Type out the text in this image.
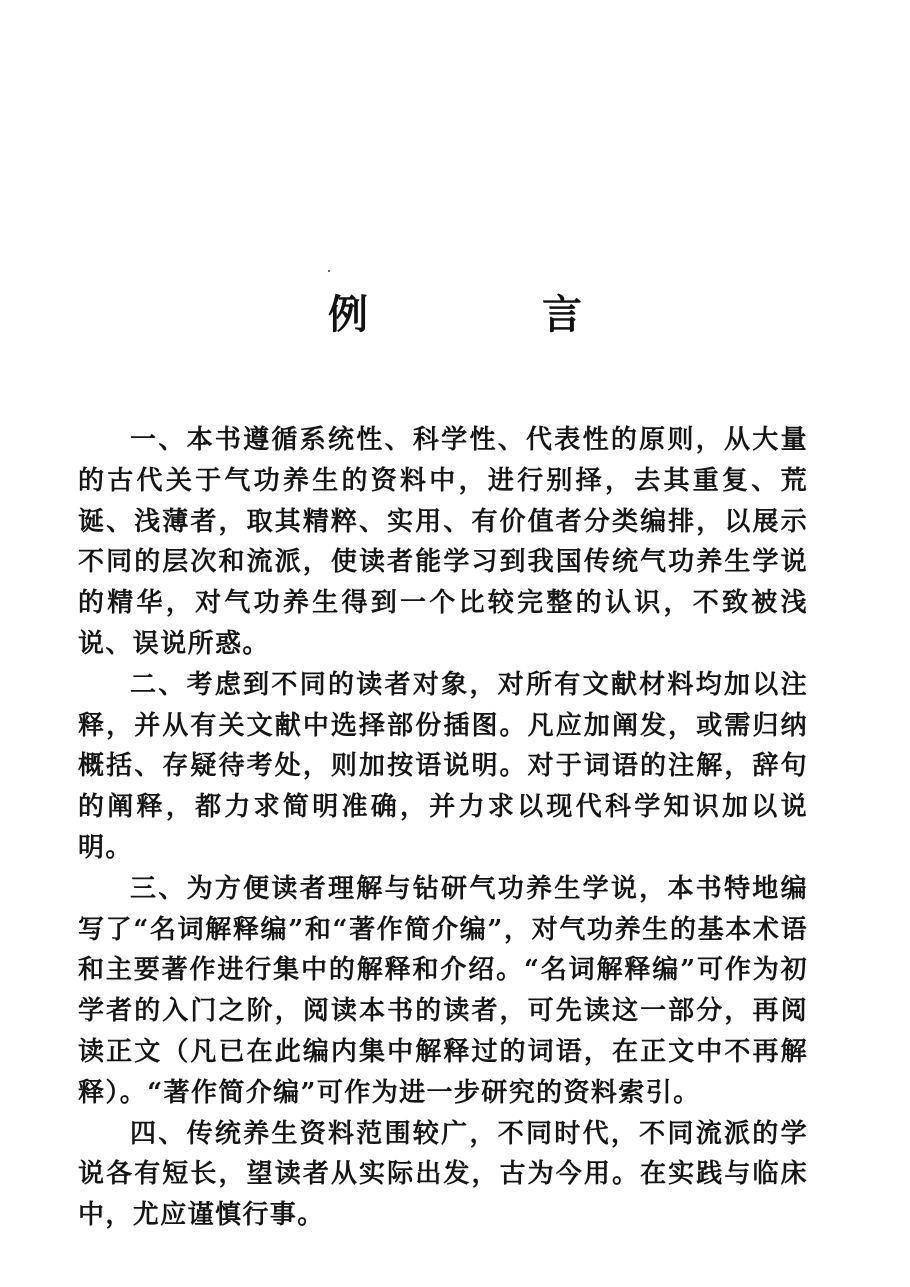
例 言

一、本书遵循系统性、科学性、代表性的原则，从大量的古代关于气功养生的资料中，进行别择，去其重复、荒诞、浅薄者，取其精粹、实用、有价值者分类编排，以展示不同的层次和流派，使读者能学习到我国传统气功养生学说的精华，对气功养生得到一个比较完整的认识，不致被浅说、误说所惑。

二、考虑到不同的读者对象，对所有文献材料均加以注释，并从有关文献中选择部份插图。凡应加阐发，或需归纳概括、存疑待考处，则加按语说明。对于词语的注解，辞句的阐释，都力求简明准确，并力求以现代科学知识加以说明。

三、为方便读者理解与钻研气功养生学说，本书特地编写了“名词解释编”和“著作简介编”，对气功养生的基本术语和主要著作进行集中的解释和介绍。“名词解释编”可作为初学者的入门之阶，阅读本书的读者，可先读这一部分，再阅读正文（凡已在此编内集中解释过的词语，在正文中不再解释）。“著作简介编”可作为进一步研究的资料索引。

四、传统养生资料范围较广，不同时代，不同流派的学说各有短长，望读者从实际出发，古为今用。在实践与临床中，尤应谨慎行事。
